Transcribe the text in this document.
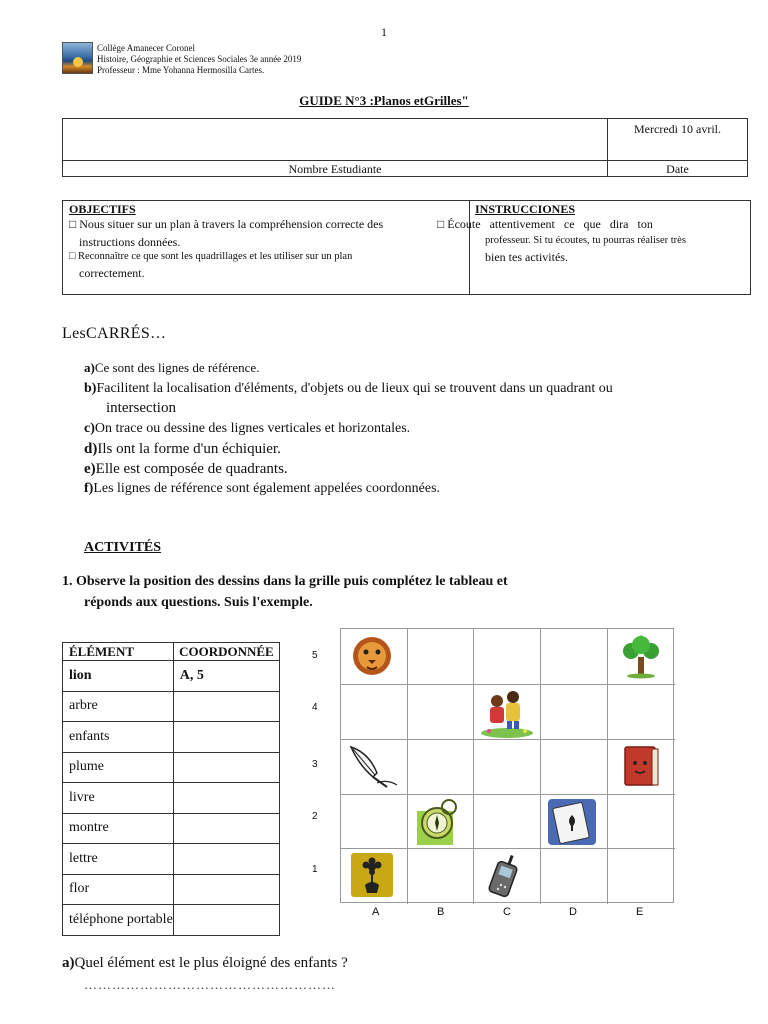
1
Collège Amanecer Coronel
Histoire, Géographie et Sciences Sociales 3e année 2019
Professeur : Mme Yohanna Hermosilla Cartes.
GUIDE N°3 :Planos etGrilles"
	Mercredi 10 avril.
Nombre Estudiante	Date
OBJECTIFS
□ Nous situer sur un plan à travers la compréhension correcte des
instructions données.
□ Reconnaître ce que sont les quadrillages et les utiliser sur un plan
correctement.
INSTRUCCIONES
□ Écoute   attentivement   ce   que   dira   ton
professeur. Si tu écoutes, tu pourras réaliser très
bien tes activités.
LesCARRÉS…
a)Ce sont des lignes de référence.
b)Facilitent la localisation d'éléments, d'objets ou de lieux qui se trouvent dans un quadrant ou
intersection
c)On trace ou dessine des lignes verticales et horizontales.
d)Ils ont la forme d'un échiquier.
e)Elle est composée de quadrants.
f)Les lignes de référence sont également appelées coordonnées.
ACTIVITÉS
1. Observe la position des dessins dans la grille puis complétez le tableau et
réponds aux questions. Suis l'exemple.
ÉLÉMENT	COORDONNÉE
lion	A, 5
arbre	
enfants	
plume	
livre	
montre	
lettre	
flor	
téléphone portable	
5
4
3
2
1
A	B	C	D	E
a)Quel élément est le plus éloigné des enfants ?
………………………………………………
